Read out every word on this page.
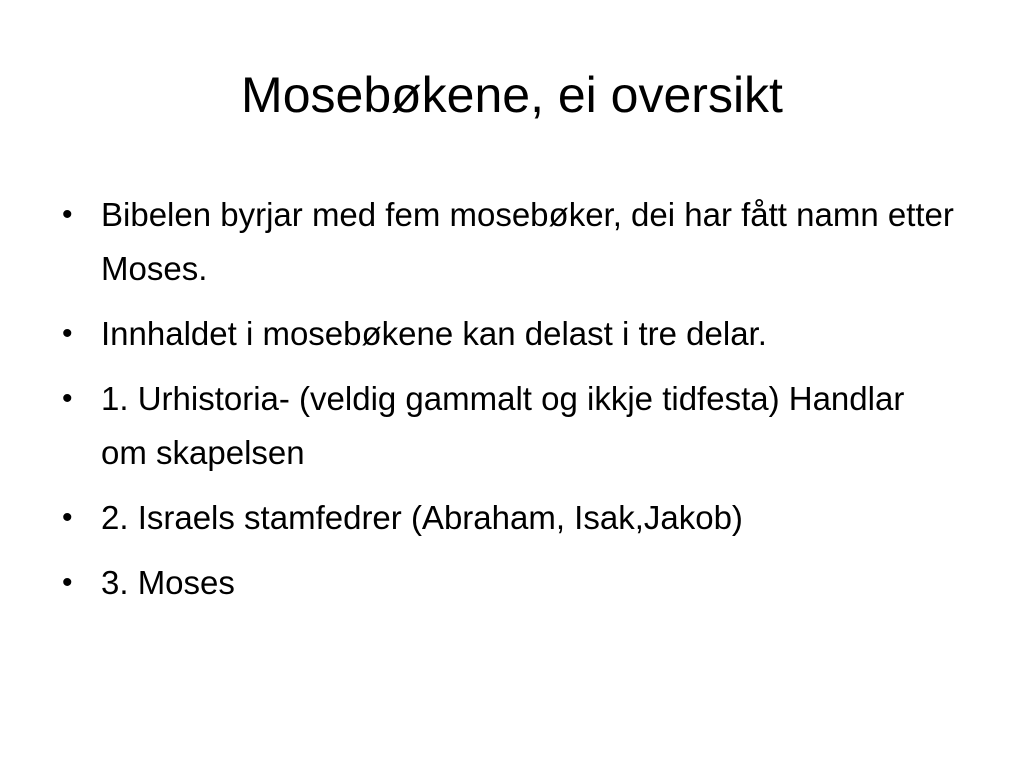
Mosebøkene, ei oversikt
• Bibelen byrjar med fem mosebøker, dei har fått namn etter Moses.
• Innhaldet i mosebøkene kan delast i tre delar.
• 1. Urhistoria- (veldig gammalt og ikkje tidfesta) Handlar om skapelsen
• 2. Israels stamfedrer (Abraham, Isak,Jakob)
• 3. Moses
